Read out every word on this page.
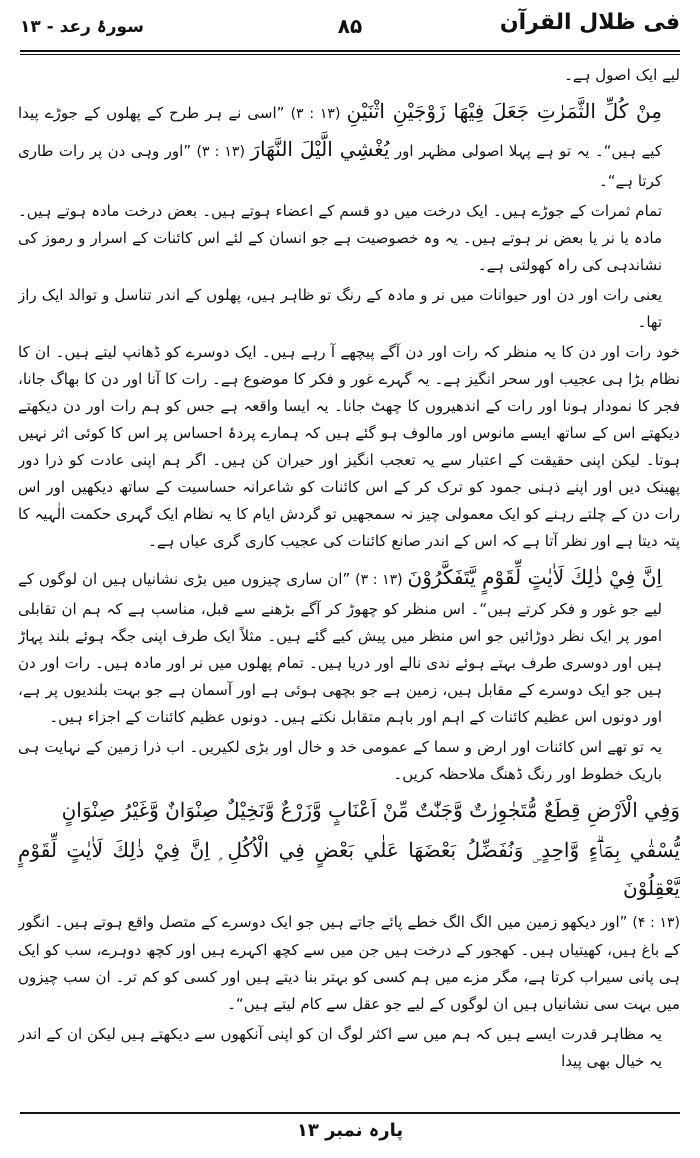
فی ظلال القرآن
۸۵
سورۂ رعد - ۱۳

لیے ایک اصول ہے۔

مِنْ كُلِّ الثَّمَرٰتِ جَعَلَ فِيْهَا زَوْجَيْنِ اثْنَيْنِ (۱۳ : ۳) ”اسی نے ہر طرح کے پھلوں کے جوڑے پیدا کیے ہیں“۔ یہ تو ہے پہلا اصولی مظہر اور يُغْشِي الَّيْلَ النَّهَارَ (۱۳ : ۳) ”اور وہی دن پر رات طاری کرتا ہے“۔

تمام ثمرات کے جوڑے ہیں۔ ایک درخت میں دو قسم کے اعضاء ہوتے ہیں۔ بعض درخت مادہ ہوتے ہیں۔ مادہ یا نر یا بعض نر ہوتے ہیں۔ یہ وہ خصوصیت ہے جو انسان کے لئے اس کائنات کے اسرار و رموز کی نشاندہی کی راہ کھولتی ہے۔

یعنی رات اور دن اور حیوانات میں نر و مادہ کے رنگ تو ظاہر ہیں، پھلوں کے اندر تناسل و توالد ایک راز تھا۔

خود رات اور دن کا یہ منظر کہ رات اور دن آگے پیچھے آ رہے ہیں۔ ایک دوسرے کو ڈھانپ لیتے ہیں۔ ان کا نظام بڑا ہی عجیب اور سحر انگیز ہے۔ یہ گہرے غور و فکر کا موضوع ہے۔ رات کا آنا اور دن کا بھاگ جانا، فجر کا نمودار ہونا اور رات کے اندھیروں کا چھٹ جانا۔ یہ ایسا واقعہ ہے جس کو ہم رات اور دن دیکھتے دیکھتے اس کے ساتھ ایسے مانوس اور مالوف ہو گئے ہیں کہ ہمارے پردۂ احساس پر اس کا کوئی اثر نہیں ہوتا۔ لیکن اپنی حقیقت کے اعتبار سے یہ تعجب انگیز اور حیران کن ہیں۔ اگر ہم اپنی عادت کو ذرا دور پھینک دیں اور اپنے ذہنی جمود کو ترک کر کے اس کائنات کو شاعرانہ حساسیت کے ساتھ دیکھیں اور اس رات دن کے چلتے رہنے کو ایک معمولی چیز نہ سمجھیں تو گردش ایام کا یہ نظام ایک گہری حکمت الٰہیہ کا پتہ دیتا ہے اور نظر آتا ہے کہ اس کے اندر صانع کائنات کی عجیب کاری گری عیاں ہے۔

اِنَّ فِيْ ذٰلِكَ لَاٰيٰتٍ لِّقَوْمٍ يَّتَفَكَّرُوْنَ (۱۳ : ۳) ”ان ساری چیزوں میں بڑی نشانیاں ہیں ان لوگوں کے لیے جو غور و فکر کرتے ہیں“۔ اس منظر کو چھوڑ کر آگے بڑھنے سے قبل، مناسب ہے کہ ہم ان تقابلی امور پر ایک نظر دوڑائیں جو اس منظر میں پیش کیے گئے ہیں۔ مثلاً ایک طرف اپنی جگہ ہوئے بلند پہاڑ ہیں اور دوسری طرف بہتے ہوئے ندی نالے اور دریا ہیں۔ تمام پھلوں میں نر اور مادہ ہیں۔ رات اور دن ہیں جو ایک دوسرے کے مقابل ہیں، زمین ہے جو بچھی ہوئی ہے اور آسمان ہے جو بہت بلندیوں پر ہے، اور دونوں اس عظیم کائنات کے اہم اور باہم متقابل نکتے ہیں۔ دونوں عظیم کائنات کے اجزاء ہیں۔

یہ تو تھے اس کائنات اور ارض و سما کے عمومی خد و خال اور بڑی لکیریں۔ اب ذرا زمین کے نہایت ہی باریک خطوط اور رنگ ڈھنگ ملاحظہ کریں۔

وَفِي الْاَرْضِ قِطَعٌ مُّتَجٰوِرٰتٌ وَّجَنّٰتٌ مِّنْ اَعْنَابٍ وَّزَرْعٌ وَّنَخِيْلٌ صِنْوَانٌ وَّغَيْرُ صِنْوَانٍ
يُّسْقٰي بِمَاۗءٍ وَّاحِدٍ ۣ وَنُفَضِّلُ بَعْضَهَا عَلٰي بَعْضٍ فِي الْاُكُلِ ۭ اِنَّ فِيْ ذٰلِكَ لَاٰيٰتٍ لِّقَوْمٍ يَّعْقِلُوْنَ

(۱۳ : ۴) ”اور دیکھو زمین میں الگ الگ خطے پائے جاتے ہیں جو ایک دوسرے کے متصل واقع ہوتے ہیں۔ انگور کے باغ ہیں، کھیتیاں ہیں۔ کھجور کے درخت ہیں جن میں سے کچھ اکہرے ہیں اور کچھ دوہرے، سب کو ایک ہی پانی سیراب کرتا ہے، مگر مزے میں ہم کسی کو بہتر بنا دیتے ہیں اور کسی کو کم تر۔ ان سب چیزوں میں بہت سی نشانیاں ہیں ان لوگوں کے لیے جو عقل سے کام لیتے ہیں“۔

یہ مظاہر قدرت ایسے ہیں کہ ہم میں سے اکثر لوگ ان کو اپنی آنکھوں سے دیکھتے ہیں لیکن ان کے اندر یہ خیال بھی پیدا

پارہ نمبر ۱۳
